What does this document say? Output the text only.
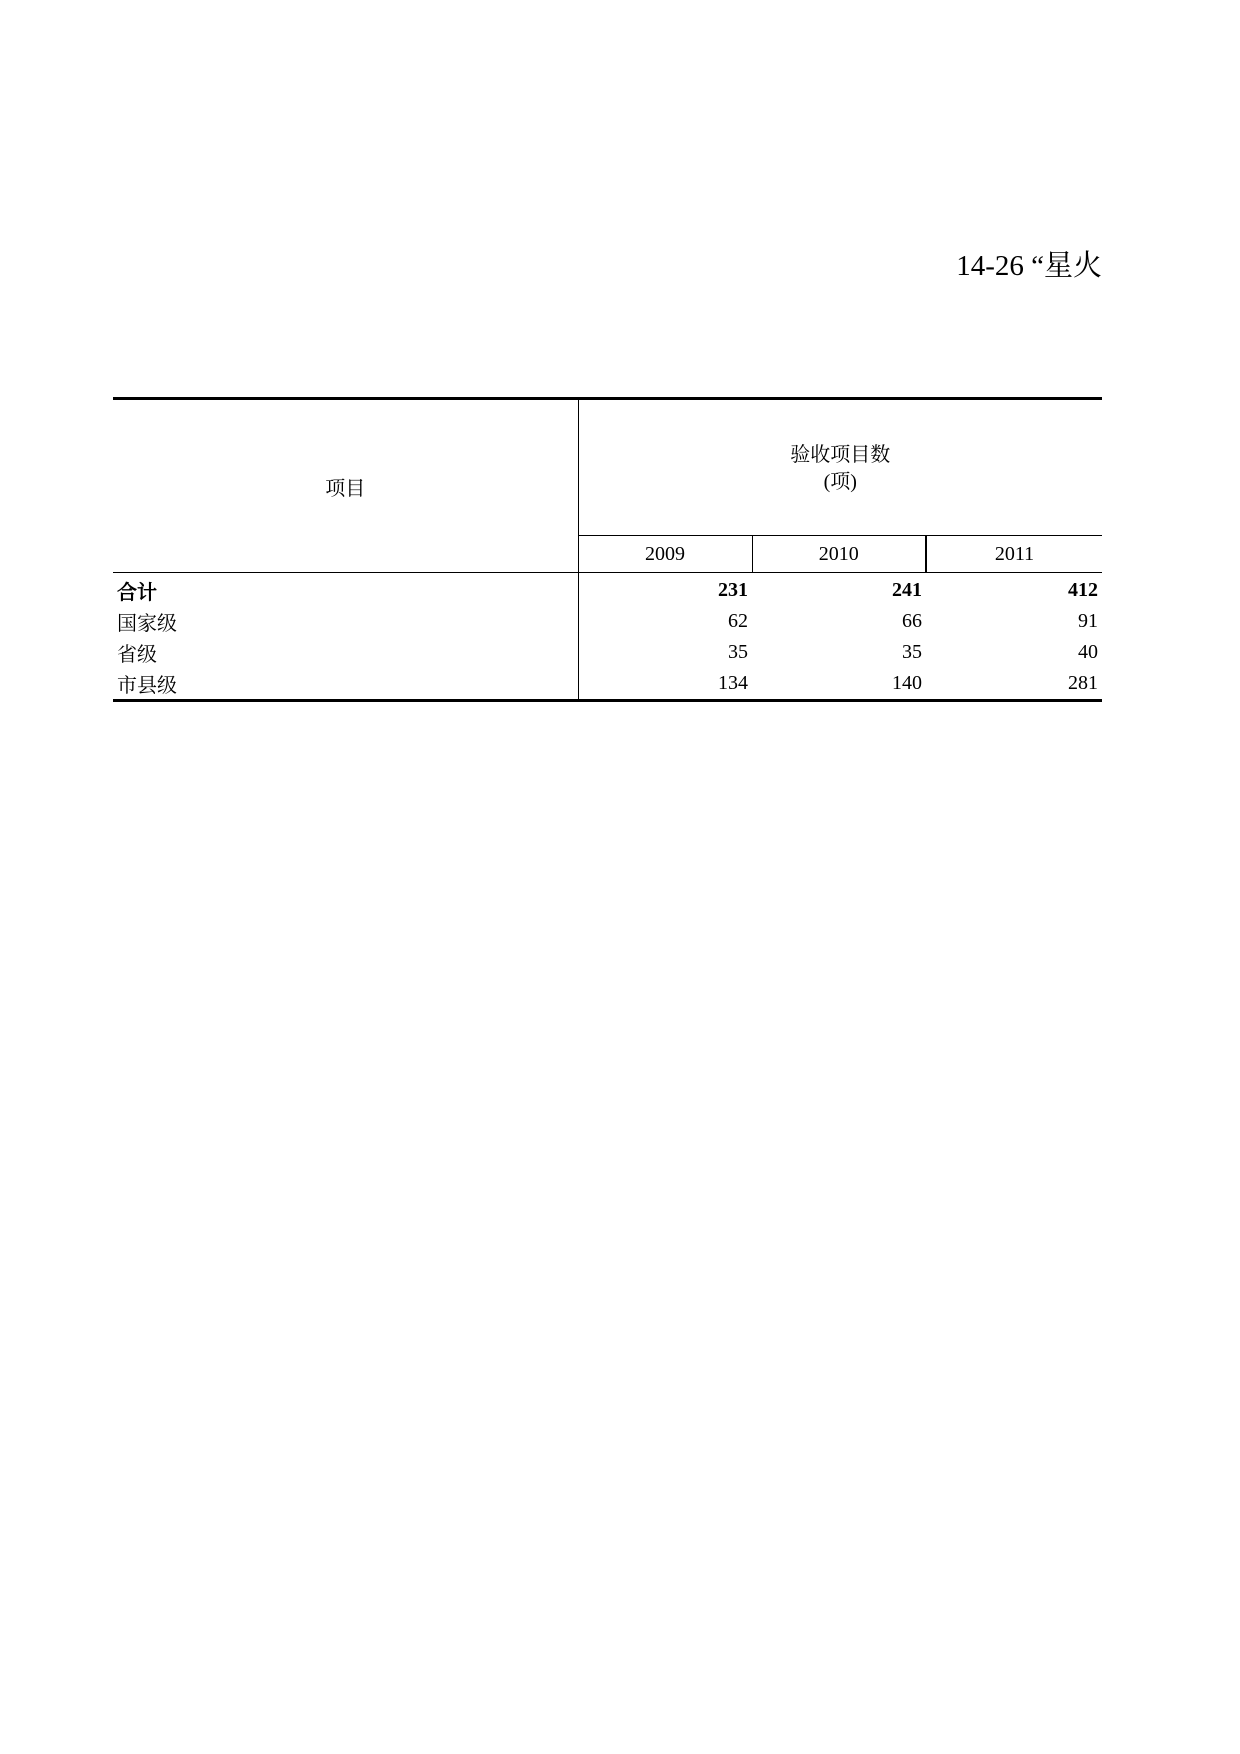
14-26 “星火
项目	验收项目数
(项)		

	2009	2010	2011
合计	231	241	412
国家级	62	66	91
省级	35	35	40
市县级	134	140	281
